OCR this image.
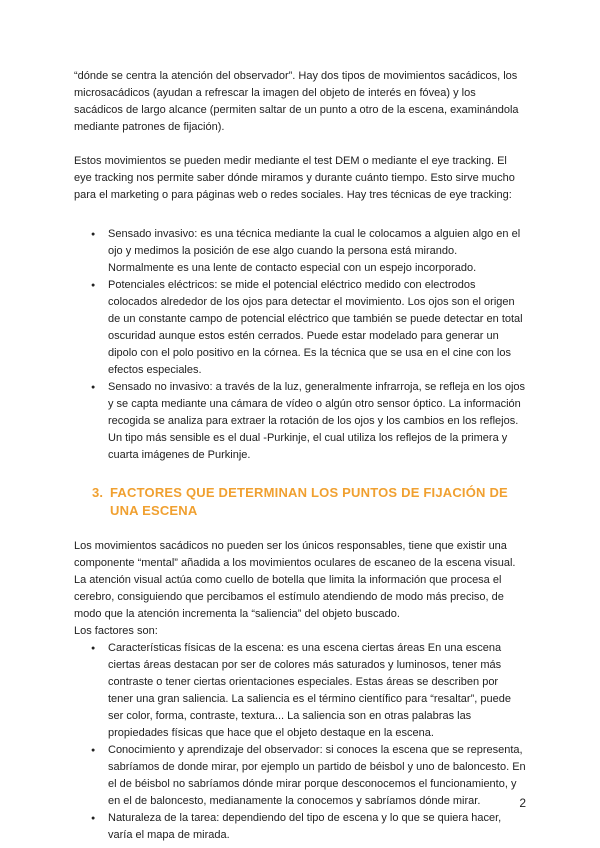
“dónde se centra la atención del observador”. Hay dos tipos de movimientos sacádicos, los microsacádicos (ayudan a refrescar la imagen del objeto de interés en fóvea) y los sacádicos de largo alcance (permiten saltar de un punto a otro de la escena, examinándola mediante patrones de fijación).

Estos movimientos se pueden medir mediante el test DEM o mediante el eye tracking. El eye tracking nos permite saber dónde miramos y durante cuánto tiempo. Esto sirve mucho para el marketing o para páginas web o redes sociales. Hay tres técnicas de eye tracking:

● Sensado invasivo: es una técnica mediante la cual le colocamos a alguien algo en el ojo y medimos la posición de ese algo cuando la persona está mirando. Normalmente es una lente de contacto especial con un espejo incorporado.
● Potenciales eléctricos: se mide el potencial eléctrico medido con electrodos colocados alrededor de los ojos para detectar el movimiento. Los ojos son el origen de un constante campo de potencial eléctrico que también se puede detectar en total oscuridad aunque estos estén cerrados. Puede estar modelado para generar un dipolo con el polo positivo en la córnea. Es la técnica que se usa en el cine con los efectos especiales.
● Sensado no invasivo: a través de la luz, generalmente infrarroja, se refleja en los ojos y se capta mediante una cámara de vídeo o algún otro sensor óptico. La información recogida se analiza para extraer la rotación de los ojos y los cambios en los reflejos. Un tipo más sensible es el dual -Purkinje, el cual utiliza los reflejos de la primera y cuarta imágenes de Purkinje.
3. FACTORES QUE DETERMINAN LOS PUNTOS DE FIJACIÓN DE UNA ESCENA

Los movimientos sacádicos no pueden ser los únicos responsables, tiene que existir una componente “mental” añadida a los movimientos oculares de escaneo de la escena visual. La atención visual actúa como cuello de botella que limita la información que procesa el cerebro, consiguiendo que percibamos el estímulo atendiendo de modo más preciso, de modo que la atención incrementa la “saliencia” del objeto buscado.

Los factores son:

● Características físicas de la escena: es una escena ciertas áreas En una escena ciertas áreas destacan por ser de colores más saturados y luminosos, tener más contraste o tener ciertas orientaciones especiales. Estas áreas se describen por tener una gran saliencia. La saliencia es el término científico para “resaltar”, puede ser color, forma, contraste, textura... La saliencia son en otras palabras las propiedades físicas que hace que el objeto destaque en la escena.
● Conocimiento y aprendizaje del observador: si conoces la escena que se representa, sabríamos de donde mirar, por ejemplo un partido de béisbol y uno de baloncesto. En el de béisbol no sabríamos dónde mirar porque desconocemos el funcionamiento, y en el de baloncesto, medianamente la conocemos y sabríamos dónde mirar.
● Naturaleza de la tarea: dependiendo del tipo de escena y lo que se quiera hacer, varía el mapa de mirada.
2
